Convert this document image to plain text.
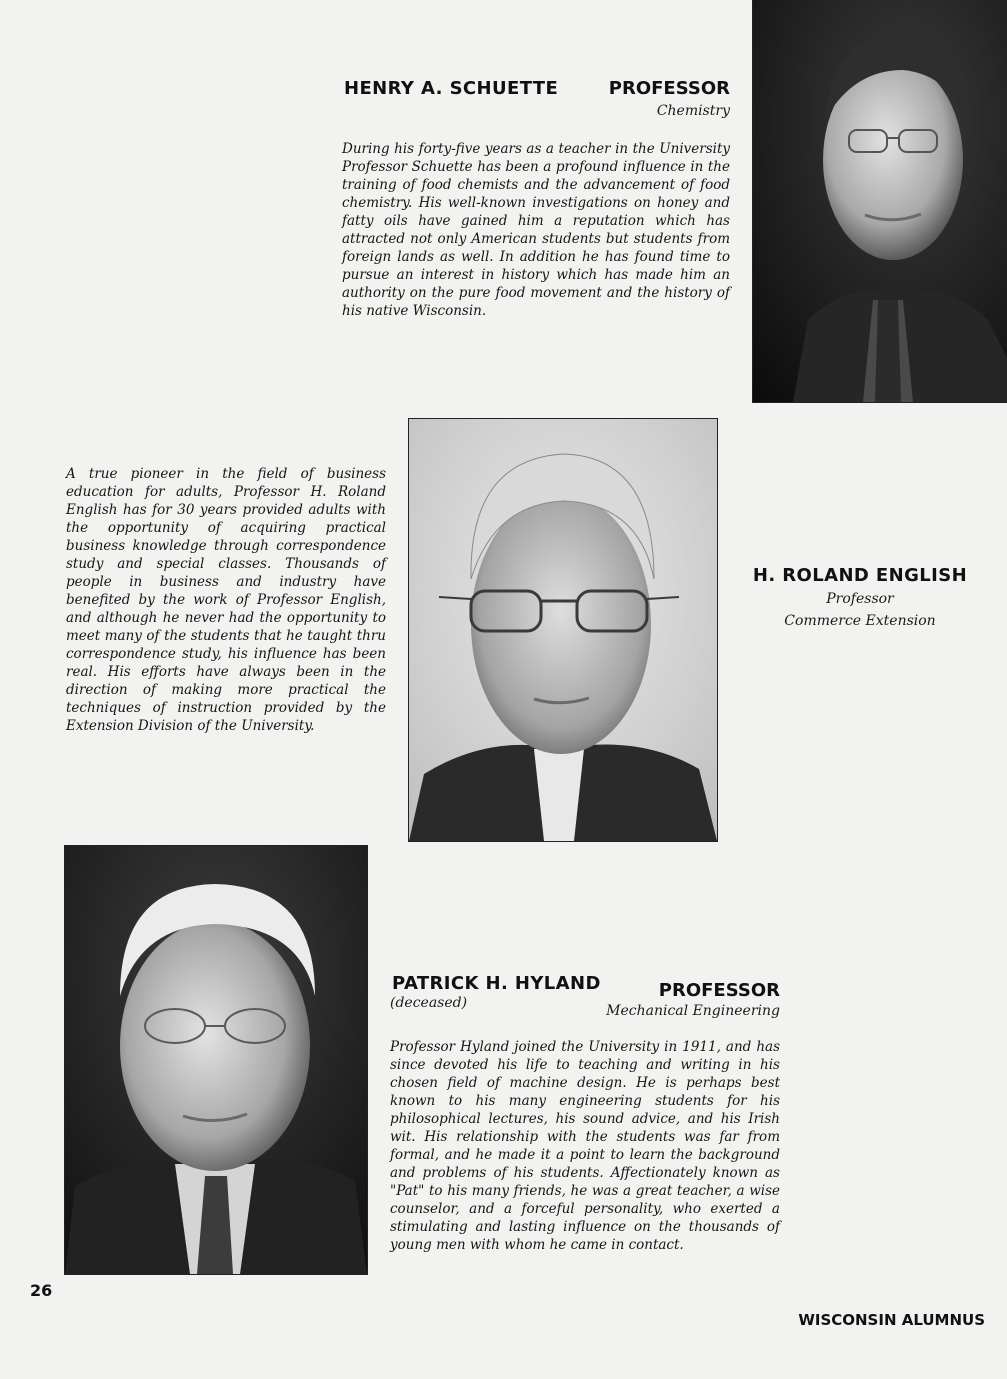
HENRY A. SCHUETTE	PROFESSOR
Chemistry
During his forty-five years as a teacher in the University Professor Schuette has been a profound influence in the training of food chemists and the advancement of food chemistry. His well-known investigations on honey and fatty oils have gained him a reputation which has attracted not only American students but students from foreign lands as well. In addition he has found time to pursue an interest in history which has made him an authority on the pure food movement and the history of his native Wisconsin.
A true pioneer in the field of business education for adults, Professor H. Roland English has for 30 years provided adults with the opportunity of acquiring practical business knowledge through correspondence study and special classes. Thousands of people in business and industry have benefited by the work of Professor English, and although he never had the opportunity to meet many of the students that he taught thru correspondence study, his influence has been real. His efforts have always been in the direction of making more practical the techniques of instruction provided by the Extension Division of the University.
H. ROLAND ENGLISH
Professor
Commerce Extension
PATRICK H. HYLAND
(deceased)
PROFESSOR
Mechanical Engineering
Professor Hyland joined the University in 1911, and has since devoted his life to teaching and writing in his chosen field of machine design. He is perhaps best known to his many engineering students for his philosophical lectures, his sound advice, and his Irish wit. His relationship with the students was far from formal, and he made it a point to learn the background and problems of his students. Affectionately known as "Pat" to his many friends, he was a great teacher, a wise counselor, and a forceful personality, who exerted a stimulating and lasting influence on the thousands of young men with whom he came in contact.
26
WISCONSIN ALUMNUS
